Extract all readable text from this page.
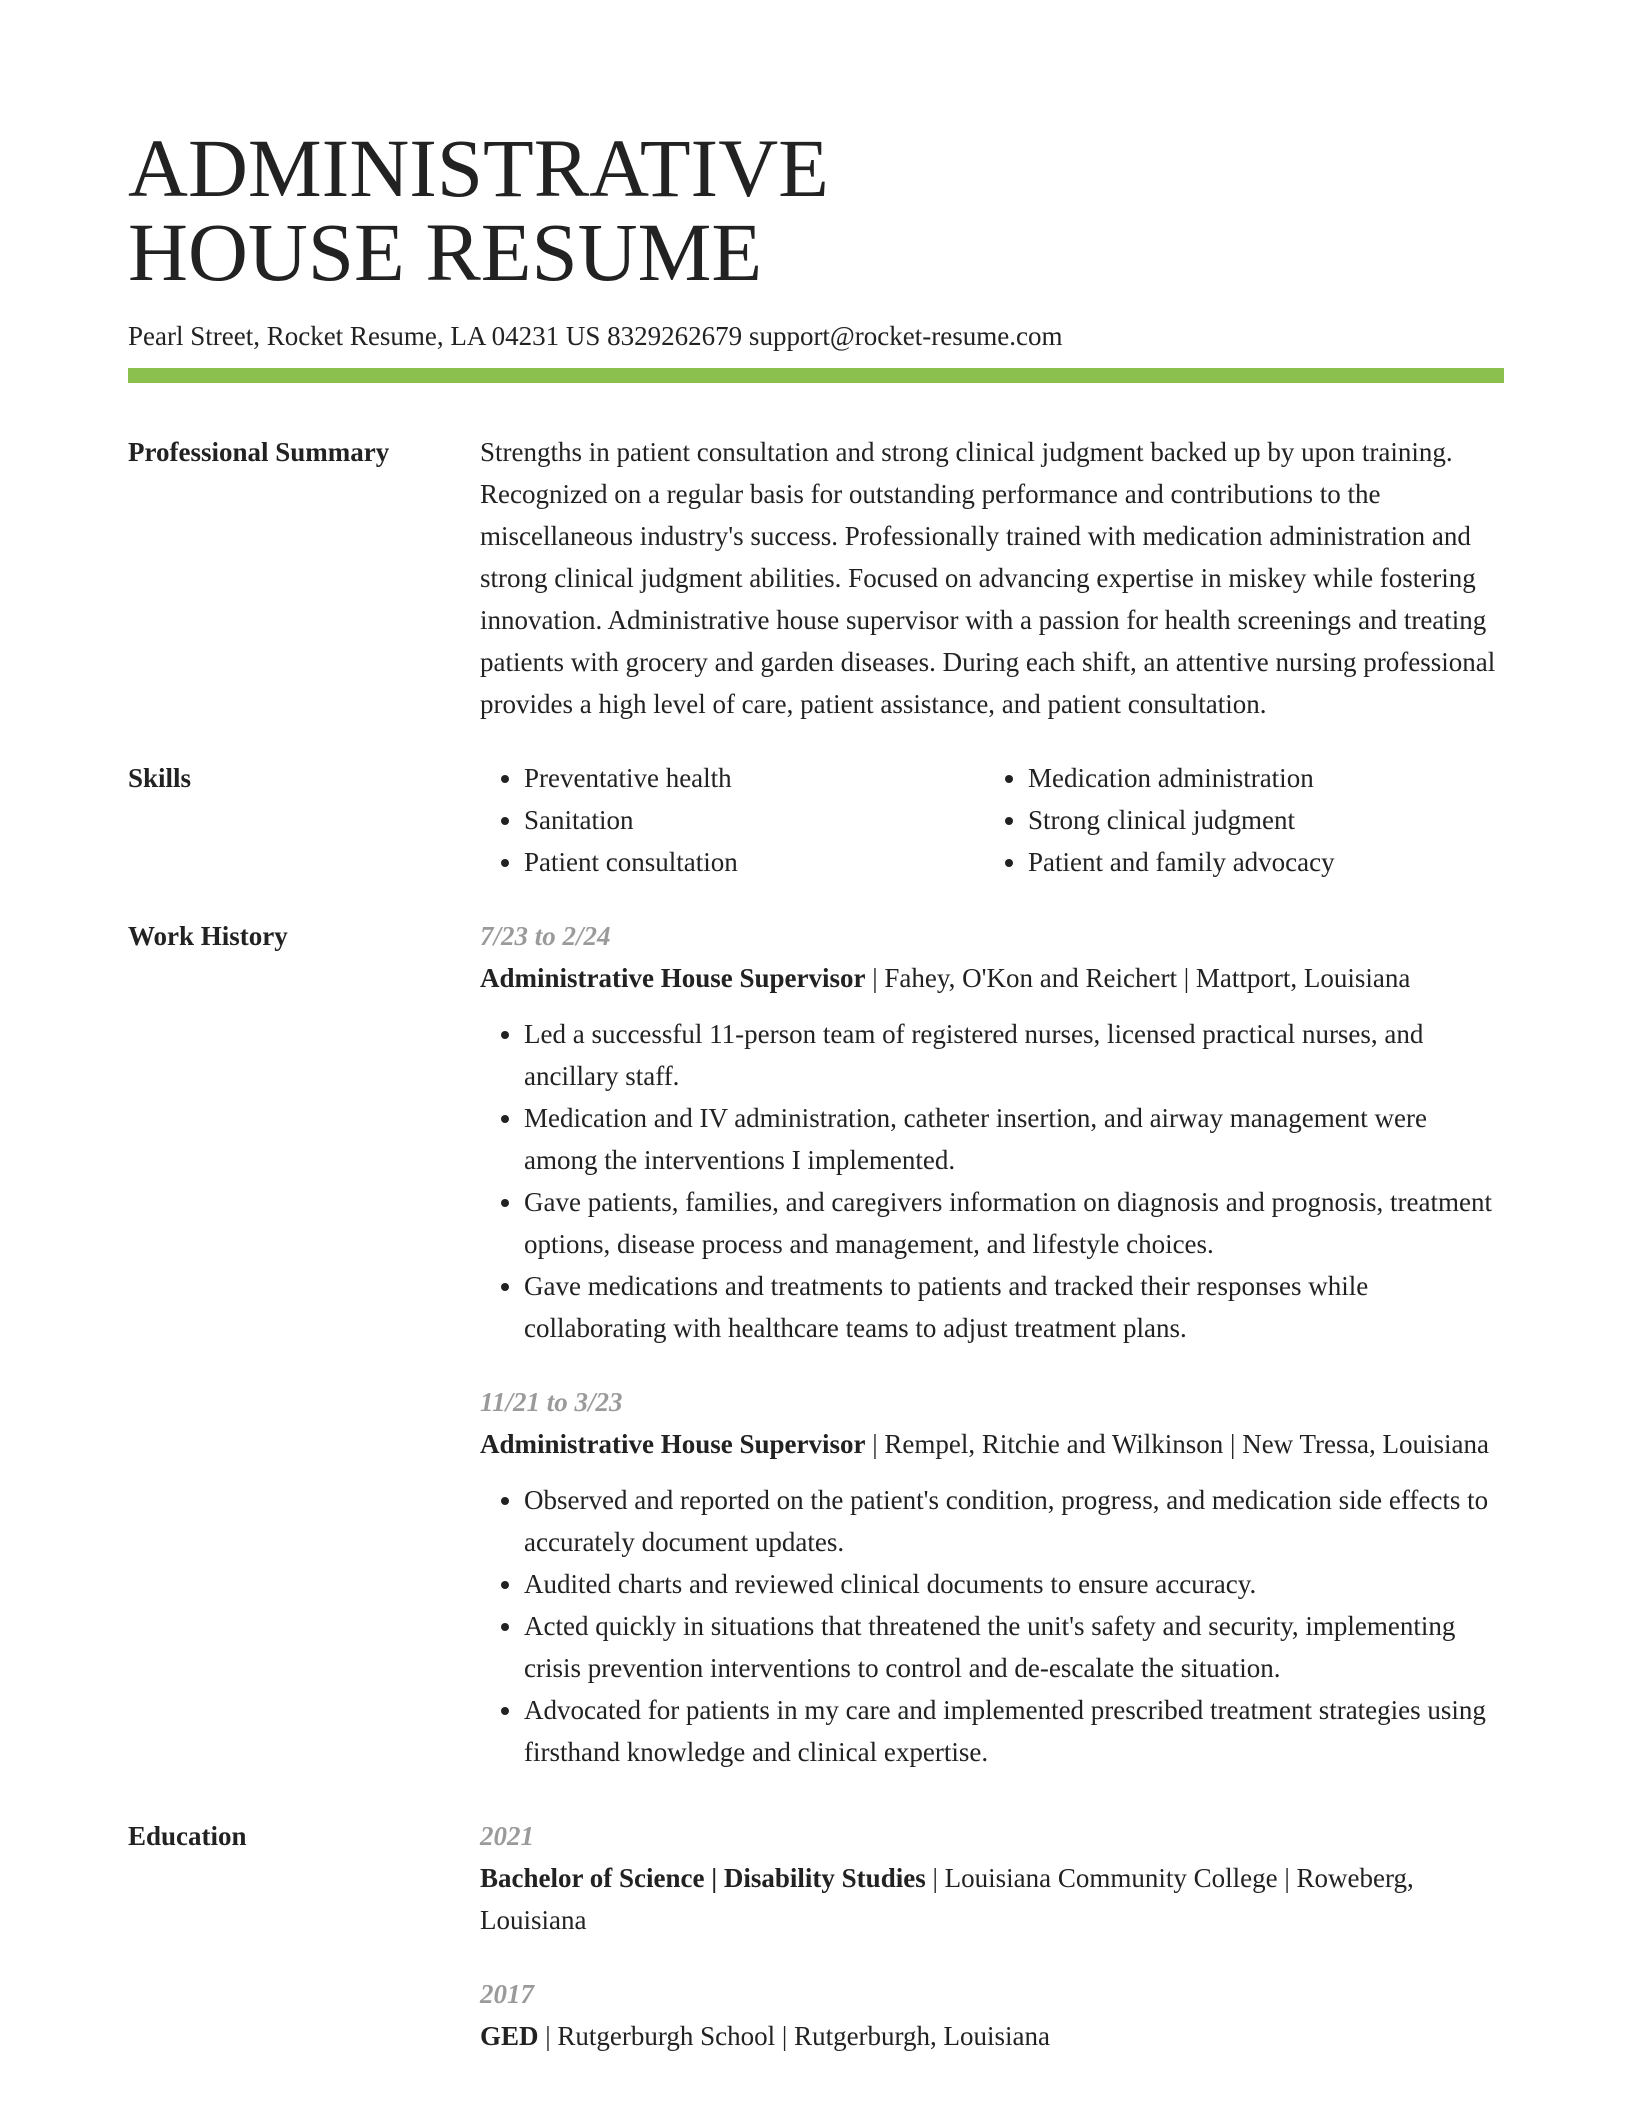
ADMINISTRATIVE
HOUSE RESUME
Pearl Street, Rocket Resume, LA 04231 US 8329262679 support@rocket-resume.com
Professional Summary	Strengths in patient consultation and strong clinical judgment backed up by upon training. Recognized on a regular basis for outstanding performance and contributions to the miscellaneous industry's success. Professionally trained with medication administration and strong clinical judgment abilities. Focused on advancing expertise in miskey while fostering innovation. Administrative house supervisor with a passion for health screenings and treating patients with grocery and garden diseases. During each shift, an attentive nursing professional provides a high level of care, patient assistance, and patient consultation.
Skills
•	Preventative health
• Sanitation
• Patient consultation
• Medication administration
• Strong clinical judgment
• Patient and family advocacy
Work History	7/23 to 2/24
Administrative House Supervisor | Fahey, O'Kon and Reichert | Mattport, Louisiana
• Led a successful 11-person team of registered nurses, licensed practical nurses, and ancillary staff.
• Medication and IV administration, catheter insertion, and airway management were among the interventions I implemented.
• Gave patients, families, and caregivers information on diagnosis and prognosis, treatment options, disease process and management, and lifestyle choices.
• Gave medications and treatments to patients and tracked their responses while collaborating with healthcare teams to adjust treatment plans.
11/21 to 3/23
Administrative House Supervisor | Rempel, Ritchie and Wilkinson | New Tressa, Louisiana
• Observed and reported on the patient's condition, progress, and medication side effects to accurately document updates.
• Audited charts and reviewed clinical documents to ensure accuracy.
• Acted quickly in situations that threatened the unit's safety and security, implementing crisis prevention interventions to control and de-escalate the situation.
• Advocated for patients in my care and implemented prescribed treatment strategies using firsthand knowledge and clinical expertise.
Education	2021
Bachelor of Science | Disability Studies | Louisiana Community College | Roweberg, Louisiana
2017
GED | Rutgerburgh School | Rutgerburgh, Louisiana
